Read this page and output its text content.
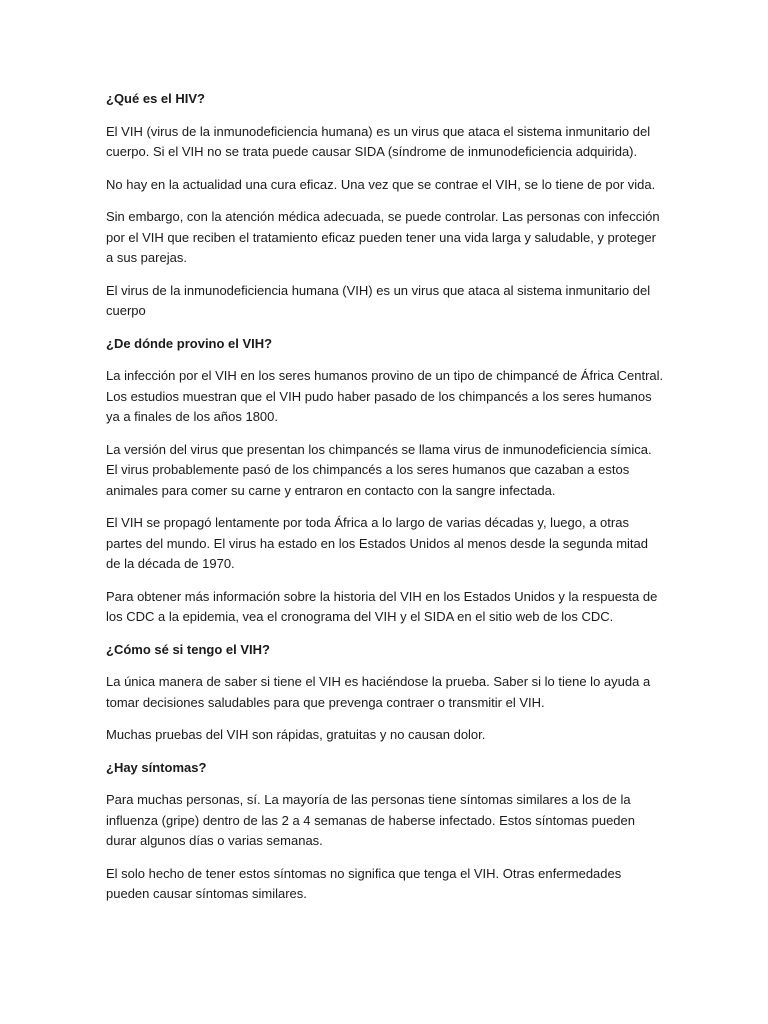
¿Qué es el HIV?

El VIH (virus de la inmunodeficiencia humana) es un virus que ataca el sistema inmunitario del cuerpo. Si el VIH no se trata puede causar SIDA (síndrome de inmunodeficiencia adquirida).

No hay en la actualidad una cura eficaz. Una vez que se contrae el VIH, se lo tiene de por vida.

Sin embargo, con la atención médica adecuada, se puede controlar. Las personas con infección por el VIH que reciben el tratamiento eficaz pueden tener una vida larga y saludable, y proteger a sus parejas.

El virus de la inmunodeficiencia humana (VIH) es un virus que ataca al sistema inmunitario del cuerpo

¿De dónde provino el VIH?

La infección por el VIH en los seres humanos provino de un tipo de chimpancé de África Central. Los estudios muestran que el VIH pudo haber pasado de los chimpancés a los seres humanos ya a finales de los años 1800.

La versión del virus que presentan los chimpancés se llama virus de inmunodeficiencia símica. El virus probablemente pasó de los chimpancés a los seres humanos que cazaban a estos animales para comer su carne y entraron en contacto con la sangre infectada.

El VIH se propagó lentamente por toda África a lo largo de varias décadas y, luego, a otras partes del mundo. El virus ha estado en los Estados Unidos al menos desde la segunda mitad de la década de 1970.

Para obtener más información sobre la historia del VIH en los Estados Unidos y la respuesta de los CDC a la epidemia, vea el cronograma del VIH y el SIDA en el sitio web de los CDC.

¿Cómo sé si tengo el VIH?

La única manera de saber si tiene el VIH es haciéndose la prueba. Saber si lo tiene lo ayuda a tomar decisiones saludables para que prevenga contraer o transmitir el VIH.

Muchas pruebas del VIH son rápidas, gratuitas y no causan dolor.

¿Hay síntomas?

Para muchas personas, sí. La mayoría de las personas tiene síntomas similares a los de la influenza (gripe) dentro de las 2 a 4 semanas de haberse infectado. Estos síntomas pueden durar algunos días o varias semanas.

El solo hecho de tener estos síntomas no significa que tenga el VIH. Otras enfermedades pueden causar síntomas similares.
